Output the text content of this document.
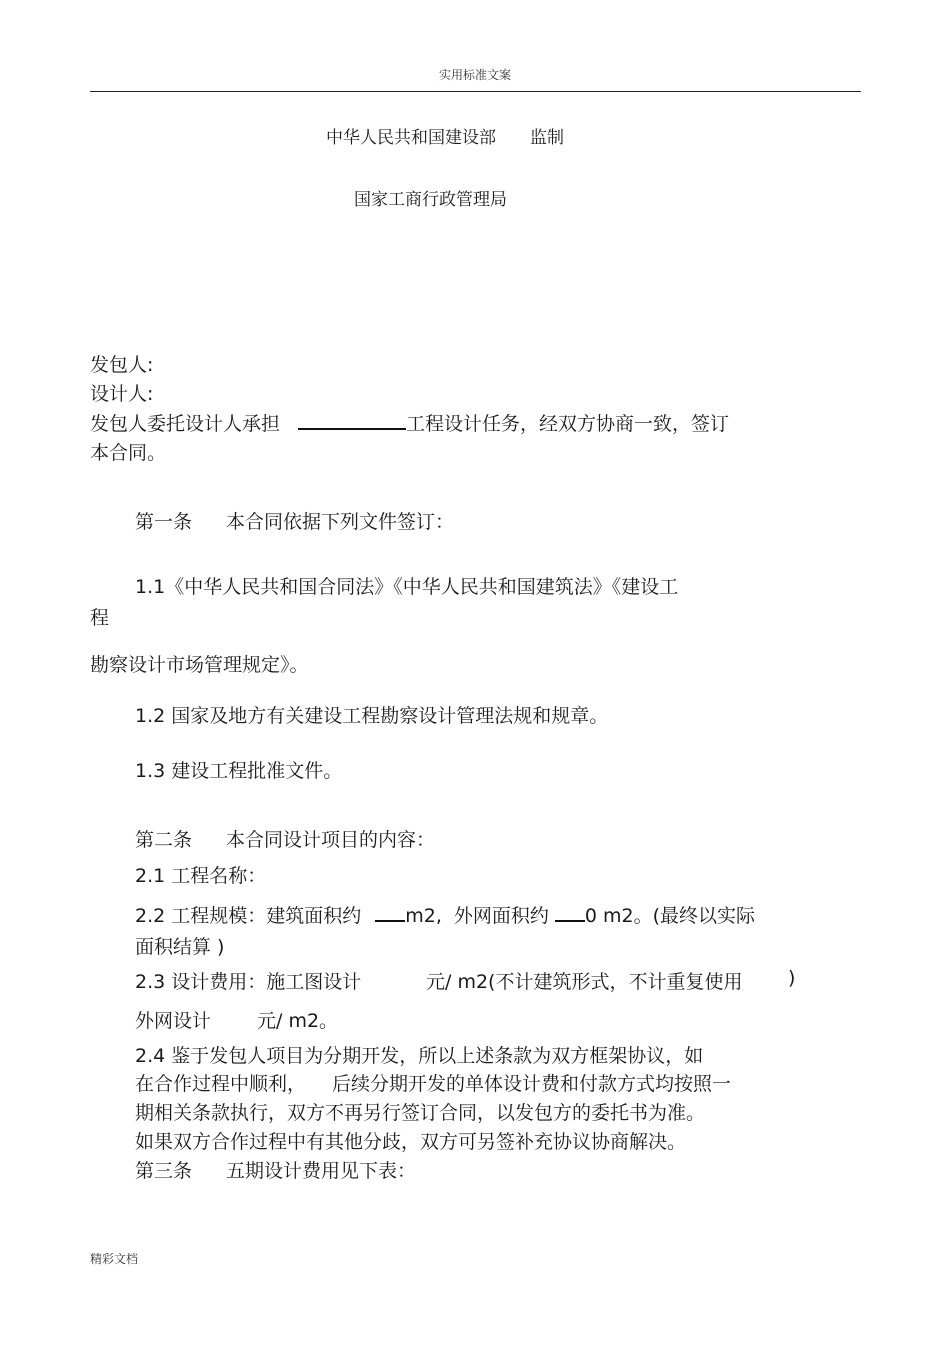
实用标准文案
中华人民共和国建设部 监制
国家工商行政管理局
发包人:
设计人:
发包人委托设计人承担	工程设计任务，经双方协商一致，签订
本合同。
第一条 本合同依据下列文件签订：
1.1《中华人民共和国合同法》《中华人民共和国建筑法》《建设工
程
勘察设计市场管理规定》。
1.2 国家及地方有关建设工程勘察设计管理法规和规章。
1.3 建设工程批准文件。
第二条 本合同设计项目的内容：
2.1 工程名称：
2.2 工程规模：建筑面积约 m2, 外网面积约 0 m2。(最终以实际
面积结算 )
2.3 设计费用：施工图设计	元/ m2(不计建筑形式，不计重复使用 )
外网设计 元/ m2。
2.4 鉴于发包人项目为分期开发，所以上述条款为双方框架协议，如
在合作过程中顺利， 后续分期开发的单体设计费和付款方式均按照一
期相关条款执行，双方不再另行签订合同，以发包方的委托书为准。
如果双方合作过程中有其他分歧，双方可另签补充协议协商解决。
第三条 五期设计费用见下表：
精彩文档
